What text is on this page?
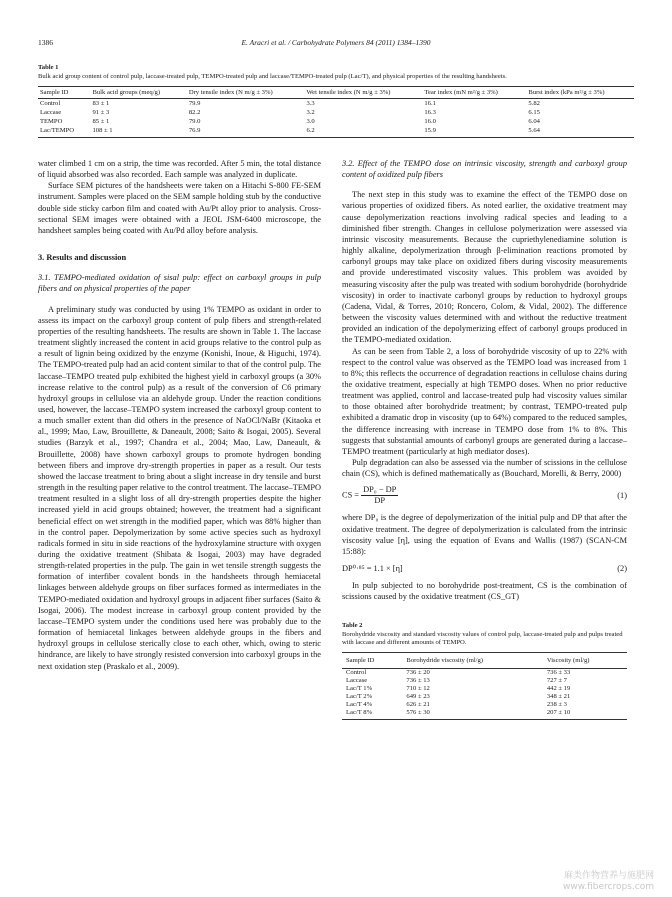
1386	E. Aracri et al. / Carbohydrate Polymers 84 (2011) 1384–1390
Table 1
Bulk acid group content of control pulp, laccase-treated pulp, TEMPO-treated pulp and laccase/TEMPO-treated pulp (Lac/T), and physical properties of the resulting handsheets.
Sample ID	Bulk acid groups (meq/g)	Dry tensile index (N m/g ± 3%)	Wet tensile index (N m/g ± 3%)	Tear index (mN m²/g ± 3%)	Burst index (kPa m²/g ± 3%)
Control	83 ± 1	79.9	3.3	16.1	5.82
Laccase	91 ± 3	82.2	3.2	16.3	6.15
TEMPO	85 ± 1	79.0	3.0	16.0	6.04
Lac/TEMPO	108 ± 1	76.9	6.2	15.9	5.64

water climbed 1 cm on a strip, the time was recorded. After 5 min, the total distance of liquid absorbed was also recorded. Each sample was analyzed in duplicate.

Surface SEM pictures of the handsheets were taken on a Hitachi S-800 FE-SEM instrument. Samples were placed on the SEM sample holding stub by the conductive double side sticky carbon film and coated with Au/Pt alloy prior to analysis. Cross-sectional SEM images were obtained with a JEOL JSM-6400 microscope, the handsheet samples being coated with Au/Pd alloy before analysis.

3. Results and discussion

3.1. TEMPO-mediated oxidation of sisal pulp: effect on carboxyl groups in pulp fibers and on physical properties of the paper

A preliminary study was conducted by using 1% TEMPO as oxidant in order to assess its impact on the carboxyl group content of pulp fibers and strength-related properties of the resulting handsheets. The results are shown in Table 1. The laccase treatment slightly increased the content in acid groups relative to the control pulp as a result of lignin being oxidized by the enzyme (Konishi, Inoue, & Higuchi, 1974). The TEMPO-treated pulp had an acid content similar to that of the control pulp. The laccase–TEMPO treated pulp exhibited the highest yield in carboxyl groups (a 30% increase relative to the control pulp) as a result of the conversion of C6 primary hydroxyl groups in cellulose via an aldehyde group. Under the reaction conditions used, however, the laccase–TEMPO system increased the carboxyl group content to a much smaller extent than did others in the presence of NaOCl/NaBr (Kitaoka et al., 1999; Mao, Law, Brouillette, & Daneault, 2008; Saito & Isogai, 2005). Several studies (Barzyk et al., 1997; Chandra et al., 2004; Mao, Law, Daneault, & Brouillette, 2008) have shown carboxyl groups to promote hydrogen bonding between fibers and improve dry-strength properties in paper as a result. Our tests showed the laccase treatment to bring about a slight increase in dry tensile and burst strength in the resulting paper relative to the control treatment. The laccase–TEMPO treatment resulted in a slight loss of all dry-strength properties despite the higher increased yield in acid groups obtained; however, the treatment had a significant beneficial effect on wet strength in the modified paper, which was 88% higher than in the control paper. Depolymerization by some active species such as hydroxyl radicals formed in situ in side reactions of the hydroxylamine structure with oxygen during the oxidative treatment (Shibata & Isogai, 2003) may have degraded strength-related properties in the pulp. The gain in wet tensile strength suggests the formation of interfiber covalent bonds in the handsheets through hemiacetal linkages between aldehyde groups on fiber surfaces formed as intermediates in the TEMPO-mediated oxidation and hydroxyl groups in adjacent fiber surfaces (Saito & Isogai, 2006). The modest increase in carboxyl group content provided by the laccase–TEMPO system under the conditions used here was probably due to the formation of hemiacetal linkages between aldehyde groups in the fibers and hydroxyl groups in cellulose sterically close to each other, which, owing to steric hindrance, are likely to have strongly resisted conversion into carboxyl groups in the next oxidation step (Praskalo et al., 2009).

3.2. Effect of the TEMPO dose on intrinsic viscosity, strength and carboxyl group content of oxidized pulp fibers

The next step in this study was to examine the effect of the TEMPO dose on various properties of oxidized fibers. As noted earlier, the oxidative treatment may cause depolymerization reactions involving radical species and leading to a diminished fiber strength. Changes in cellulose polymerization were assessed via intrinsic viscosity measurements. Because the cupriethylenediamine solution is highly alkaline, depolymerization through β-elimination reactions promoted by carbonyl groups may take place on oxidized fibers during viscosity measurements and provide underestimated viscosity values. This problem was avoided by measuring viscosity after the pulp was treated with sodium borohydride (borohydride viscosity) in order to inactivate carbonyl groups by reduction to hydroxyl groups (Cadena, Vidal, & Torres, 2010; Roncero, Colom, & Vidal, 2002). The difference between the viscosity values determined with and without the reductive treatment provided an indication of the depolymerizing effect of carbonyl groups produced in the TEMPO-mediated oxidation.

As can be seen from Table 2, a loss of borohydride viscosity of up to 22% with respect to the control value was observed as the TEMPO load was increased from 1 to 8%; this reflects the occurrence of degradation reactions in cellulose chains during the oxidative treatment, especially at high TEMPO doses. When no prior reductive treatment was applied, control and laccase-treated pulp had viscosity values similar to those obtained after borohydride treatment; by contrast, TEMPO-treated pulp exhibited a dramatic drop in viscosity (up to 64%) compared to the reduced samples, the difference increasing with increase in TEMPO dose from 1% to 8%. This suggests that substantial amounts of carbonyl groups are generated during a laccase–TEMPO treatment (particularly at high mediator doses).

Pulp degradation can also be assessed via the number of scissions in the cellulose chain (CS), which is defined mathematically as (Bouchard, Morelli, & Berry, 2000)

CS = $\frac{\text{DP₀ − DP}}{DP}$	(1)

where DP₀ is the degree of depolymerization of the initial pulp and DP that after the oxidative treatment. The degree of depolymerization is calculated from the intrinsic viscosity value [η], using the equation of Evans and Wallis (1987) (SCAN-CM 15:88):

DP⁰·⁸⁵ = 1.1 × [η]	(2)

In pulp subjected to no borohydride post-treatment, CS is the combination of scissions caused by the oxidative treatment (CS_GT)

Table 2
Borohydride viscosity and standard viscosity values of control pulp, laccase-treated pulp and pulps treated with laccase and different amounts of TEMPO.
Sample ID	Borohydride viscosity (ml/g)	Viscosity (ml/g)
Control	736 ± 20	736 ± 33
Laccase	736 ± 13	727 ± 7
Lac/T 1%	710 ± 12	442 ± 19
Lac/T 2%	649 ± 23	348 ± 21
Lac/T 4%	626 ± 21	238 ± 3
Lac/T 8%	576 ± 30	207 ± 10
麻类作物营养与施肥网
www.fibercrops.com
